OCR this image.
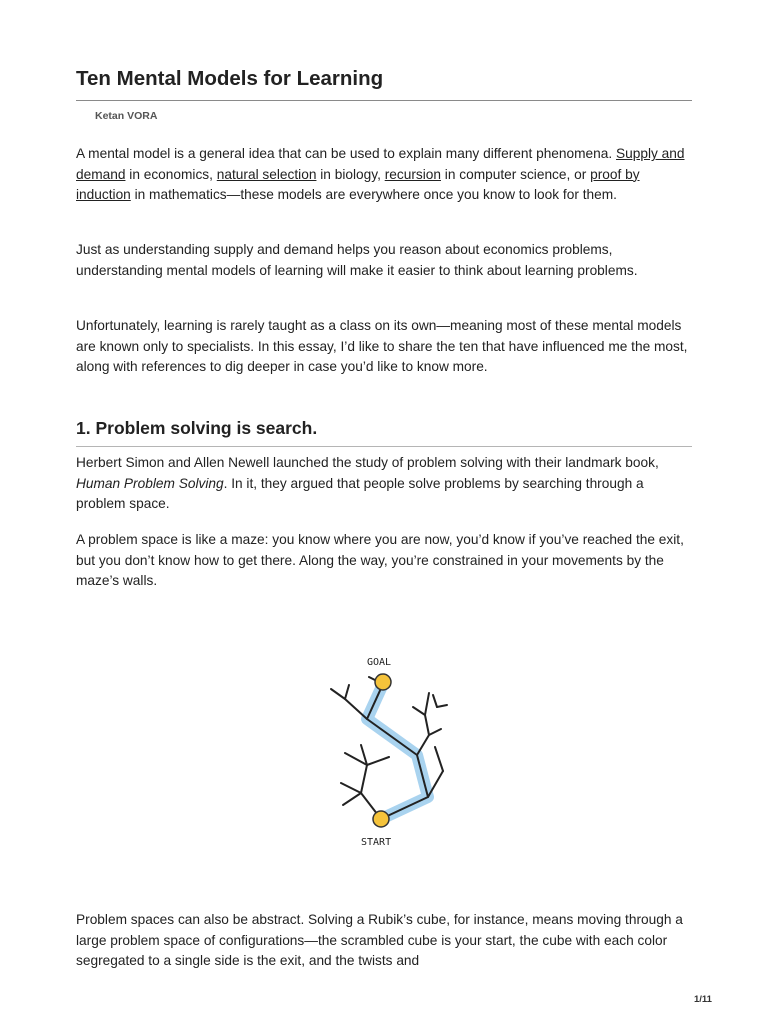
Ten Mental Models for Learning
Ketan VORA

A mental model is a general idea that can be used to explain many different phenomena. Supply and demand in economics, natural selection in biology, recursion in computer science, or proof by induction in mathematics—these models are everywhere once you know to look for them.

Just as understanding supply and demand helps you reason about economics problems, understanding mental models of learning will make it easier to think about learning problems.

Unfortunately, learning is rarely taught as a class on its own—meaning most of these mental models are known only to specialists. In this essay, I’d like to share the ten that have influenced me the most, along with references to dig deeper in case you’d like to know more.

1. Problem solving is search.

Herbert Simon and Allen Newell launched the study of problem solving with their landmark book, Human Problem Solving. In it, they argued that people solve problems by searching through a problem space.

A problem space is like a maze: you know where you are now, you’d know if you’ve reached the exit, but you don’t know how to get there. Along the way, you’re constrained in your movements by the maze’s walls.

Problem spaces can also be abstract. Solving a Rubik’s cube, for instance, means moving through a large problem space of configurations—the scrambled cube is your start, the cube with each color segregated to a single side is the exit, and the twists and

GOAL
START
1/11
